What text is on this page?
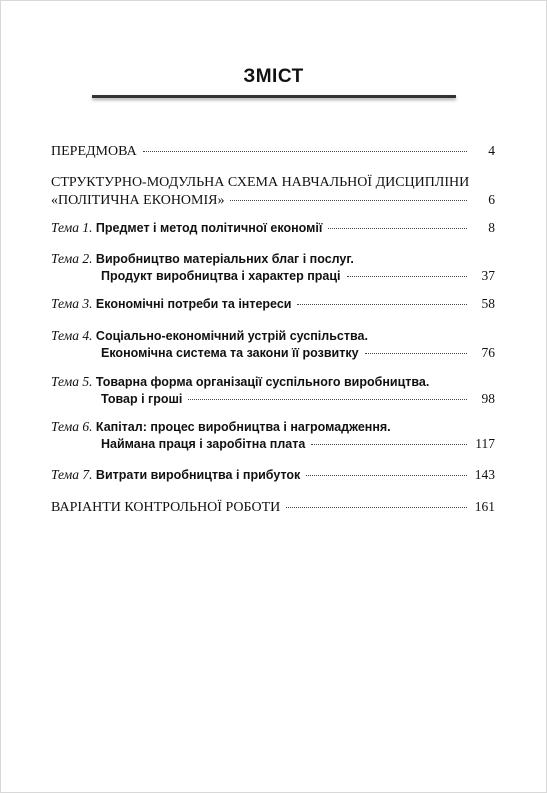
ЗМІСТ
ПЕРЕДМОВА	4
СТРУКТУРНО-МОДУЛЬНА СХЕМА НАВЧАЛЬНОЇ ДИСЦИПЛІНИ
«ПОЛІТИЧНА ЕКОНОМІЯ»	6
Тема 1.
Предмет і метод політичної економії	8
Тема 2.
Виробництво матеріальних благ і послуг.
Продукт виробництва і характер праці	37
Тема 3.
Економічні потреби та інтереси	58
Тема 4.
Соціально-економічний устрій суспільства.
Економічна система та закони її розвитку	76
Тема 5.
Товарна форма організації суспільного виробництва.
Товар і гроші	98
Тема 6.
Капітал: процес виробництва і нагромадження.
Наймана праця і заробітна плата	117
Тема 7.
Витрати виробництва і прибуток	143
ВАРІАНТИ КОНТРОЛЬНОЇ РОБОТИ	161
